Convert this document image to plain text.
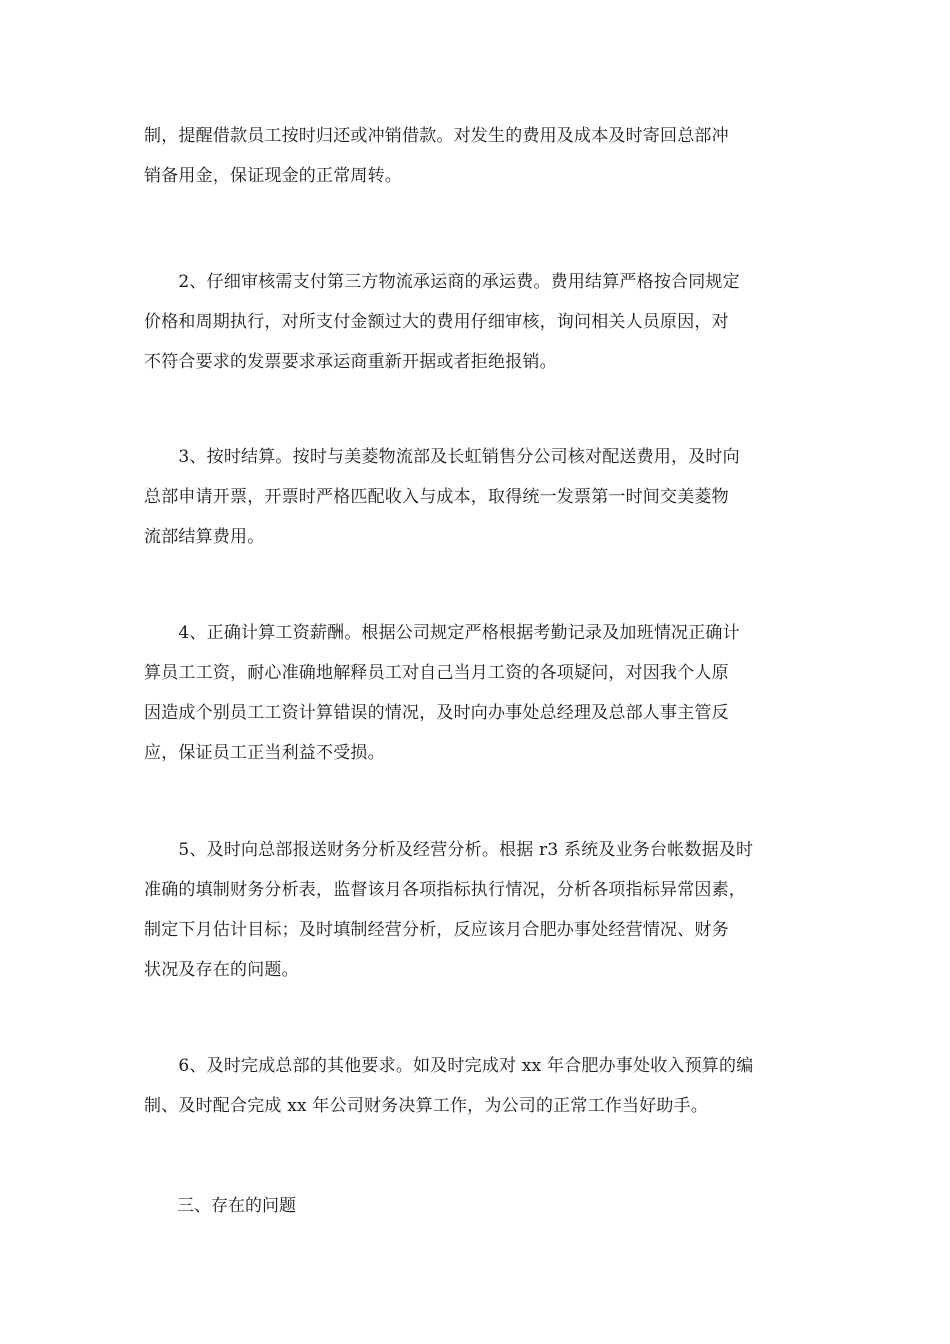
制，提醒借款员工按时归还或冲销借款。对发生的费用及成本及时寄回总部冲
销备用金，保证现金的正常周转。

　　2、仔细审核需支付第三方物流承运商的承运费。费用结算严格按合同规定
价格和周期执行，对所支付金额过大的费用仔细审核，询问相关人员原因，对
不符合要求的发票要求承运商重新开据或者拒绝报销。

　　3、按时结算。按时与美菱物流部及长虹销售分公司核对配送费用，及时向
总部申请开票，开票时严格匹配收入与成本，取得统一发票第一时间交美菱物
流部结算费用。

　　4、正确计算工资薪酬。根据公司规定严格根据考勤记录及加班情况正确计
算员工工资，耐心准确地解释员工对自己当月工资的各项疑问，对因我个人原
因造成个别员工工资计算错误的情况，及时向办事处总经理及总部人事主管反
应，保证员工正当利益不受损。

　　5、及时向总部报送财务分析及经营分析。根据 r3 系统及业务台帐数据及时
准确的填制财务分析表，监督该月各项指标执行情况，分析各项指标异常因素，
制定下月估计目标；及时填制经营分析，反应该月合肥办事处经营情况、财务
状况及存在的问题。

　　6、及时完成总部的其他要求。如及时完成对 xx 年合肥办事处收入预算的编
制、及时配合完成 xx 年公司财务决算工作，为公司的正常工作当好助手。

三、存在的问题
